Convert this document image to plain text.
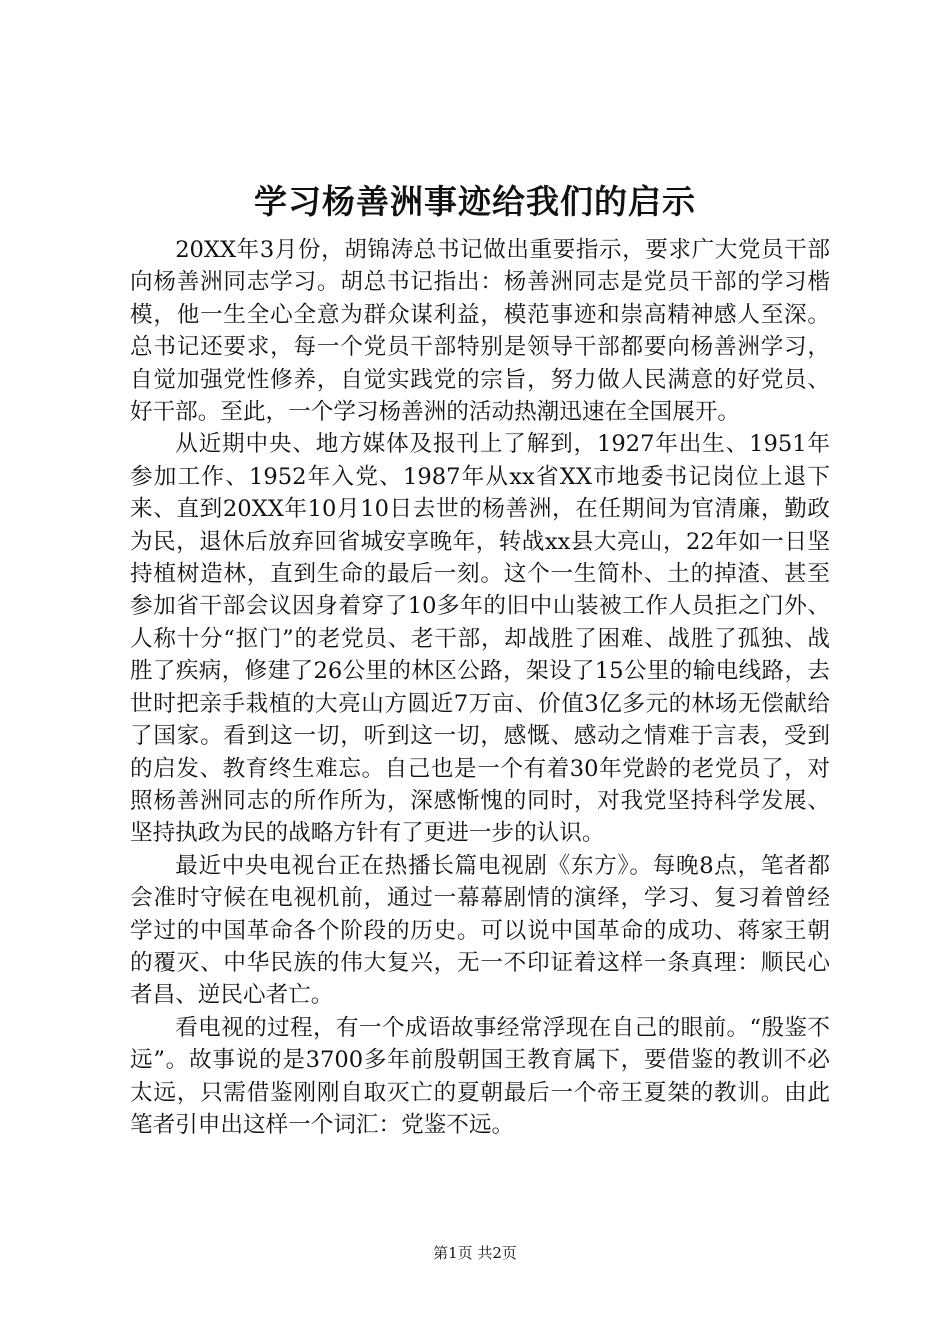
学习杨善洲事迹给我们的启示

20XX年3月份，胡锦涛总书记做出重要指示，要求广大党员干部向杨善洲同志学习。胡总书记指出：杨善洲同志是党员干部的学习楷模，他一生全心全意为群众谋利益，模范事迹和崇高精神感人至深。总书记还要求，每一个党员干部特别是领导干部都要向杨善洲学习，自觉加强党性修养，自觉实践党的宗旨，努力做人民满意的好党员、好干部。至此，一个学习杨善洲的活动热潮迅速在全国展开。

从近期中央、地方媒体及报刊上了解到，1927年出生、1951年参加工作、1952年入党、1987年从xx省XX市地委书记岗位上退下来、直到20XX年10月10日去世的杨善洲，在任期间为官清廉，勤政为民，退休后放弃回省城安享晚年，转战xx县大亮山，22年如一日坚持植树造林，直到生命的最后一刻。这个一生简朴、土的掉渣、甚至参加省干部会议因身着穿了10多年的旧中山装被工作人员拒之门外、人称十分“抠门”的老党员、老干部，却战胜了困难、战胜了孤独、战胜了疾病，修建了26公里的林区公路，架设了15公里的输电线路，去世时把亲手栽植的大亮山方圆近7万亩、价值3亿多元的林场无偿献给了国家。看到这一切，听到这一切，感慨、感动之情难于言表，受到的启发、教育终生难忘。自己也是一个有着30年党龄的老党员了，对照杨善洲同志的所作所为，深感惭愧的同时，对我党坚持科学发展、坚持执政为民的战略方针有了更进一步的认识。

最近中央电视台正在热播长篇电视剧《东方》。每晚8点，笔者都会准时守候在电视机前，通过一幕幕剧情的演绎，学习、复习着曾经学过的中国革命各个阶段的历史。可以说中国革命的成功、蒋家王朝的覆灭、中华民族的伟大复兴，无一不印证着这样一条真理：顺民心者昌、逆民心者亡。

看电视的过程，有一个成语故事经常浮现在自己的眼前。“殷鉴不远”。故事说的是3700多年前殷朝国王教育属下，要借鉴的教训不必太远，只需借鉴刚刚自取灭亡的夏朝最后一个帝王夏桀的教训。由此笔者引申出这样一个词汇：党鉴不远。

第1页 共2页
